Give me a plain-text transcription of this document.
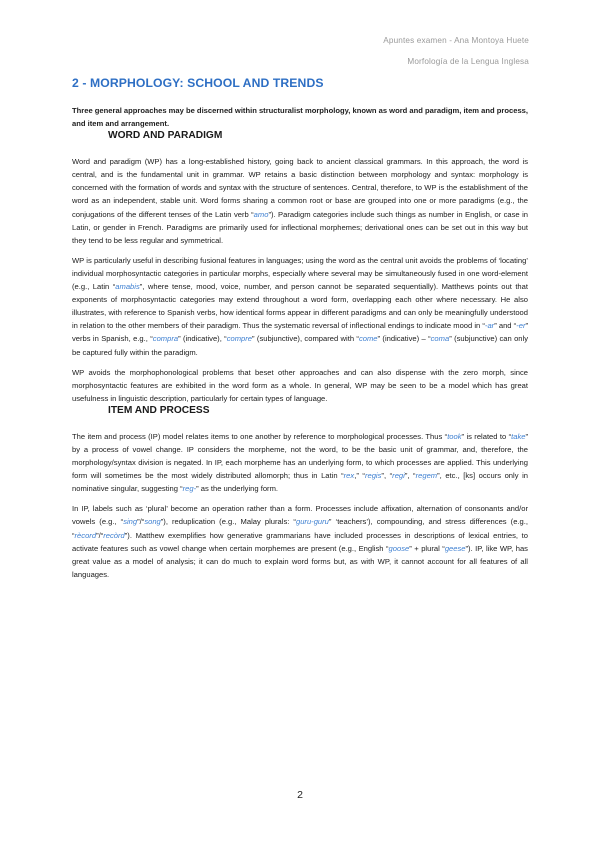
Apuntes examen - Ana Montoya Huete
Morfología de la Lengua Inglesa
2 - MORPHOLOGY: SCHOOL AND TRENDS

Three general approaches may be discerned within structuralist morphology, known as word and paradigm, item and process, and item and arrangement.

WORD AND PARADIGM

Word and paradigm (WP) has a long-established history, going back to ancient classical grammars. In this approach, the word is central, and is the fundamental unit in grammar. WP retains a basic distinction between morphology and syntax: morphology is concerned with the formation of words and syntax with the structure of sentences. Central, therefore, to WP is the establishment of the word as an independent, stable unit. Word forms sharing a common root or base are grouped into one or more paradigms (e.g., the conjugations of the different tenses of the Latin verb “amo”). Paradigm categories include such things as number in English, or case in Latin, or gender in French. Paradigms are primarily used for inflectional morphemes; derivational ones can be set out in this way but they tend to be less regular and symmetrical.

WP is particularly useful in describing fusional features in languages; using the word as the central unit avoids the problems of ‘locating’ individual morphosyntactic categories in particular morphs, especially where several may be simultaneously fused in one word-element (e.g., Latin “amabis”, where tense, mood, voice, number, and person cannot be separated sequentially). Matthews points out that exponents of morphosyntactic categories may extend throughout a word form, overlapping each other where necessary. He also illustrates, with reference to Spanish verbs, how identical forms appear in different paradigms and can only be meaningfully understood in relation to the other members of their paradigm. Thus the systematic reversal of inflectional endings to indicate mood in “-ar” and “-er” verbs in Spanish, e.g., “compra” (indicative), “compre” (subjunctive), compared with “come” (indicative) – “coma” (subjunctive) can only be captured fully within the paradigm.

WP avoids the morphophonological problems that beset other approaches and can also dispense with the zero morph, since morphosyntactic features are exhibited in the word form as a whole. In general, WP may be seen to be a model which has great usefulness in linguistic description, particularly for certain types of language.

ITEM AND PROCESS

The item and process (IP) model relates items to one another by reference to morphological processes. Thus “took” is related to “take” by a process of vowel change. IP considers the morpheme, not the word, to be the basic unit of grammar, and, therefore, the morphology/syntax division is negated. In IP, each morpheme has an underlying form, to which processes are applied. This underlying form will sometimes be the most widely distributed allomorph; thus in Latin “rex,” “regis”, “regi”, “regem”, etc., [ks] occurs only in nominative singular, suggesting “reg-” as the underlying form.

In IP, labels such as ‘plural’ become an operation rather than a form. Processes include affixation, alternation of consonants and/or vowels (e.g., “sing”/“song”), reduplication (e.g., Malay plurals: “guru-guru” ‘teachers’), compounding, and stress differences (e.g., “rècord”/“recòrd”). Matthew exemplifies how generative grammarians have included processes in descriptions of lexical entries, to activate features such as vowel change when certain morphemes are present (e.g., English “goose” + plural “geese”). IP, like WP, has great value as a model of analysis; it can do much to explain word forms but, as with WP, it cannot account for all features of all languages.

2
